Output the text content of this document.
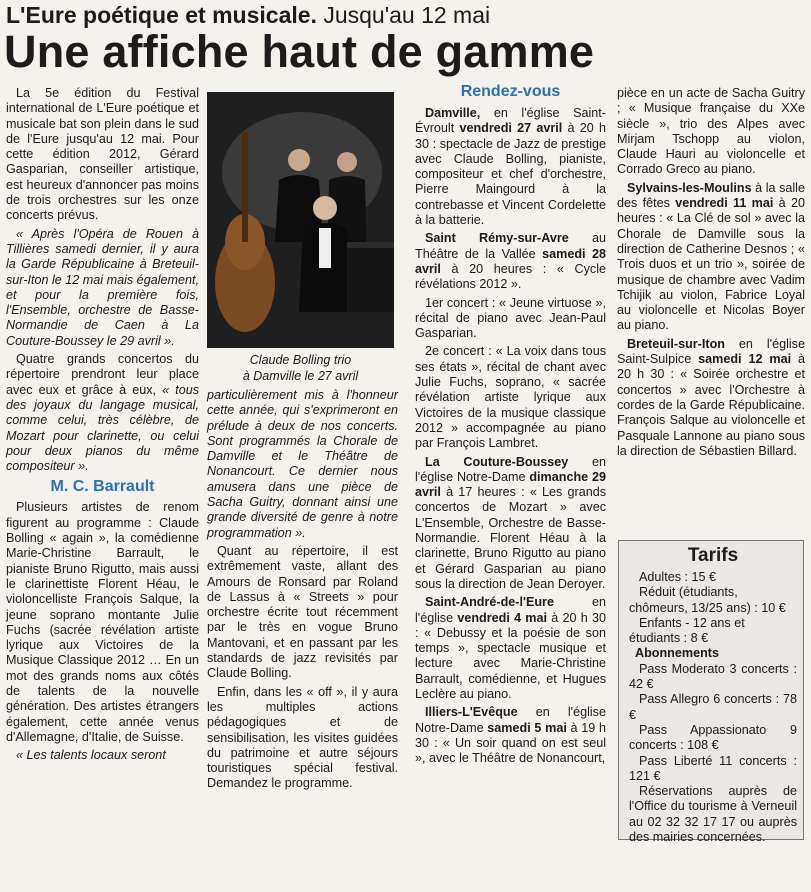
L'Eure poétique et musicale. Jusqu'au 12 mai
Une affiche haut de gamme

La 5e édition du Festival international de L'Eure poétique et musicale bat son plein dans le sud de l'Eure jusqu'au 12 mai. Pour cette édition 2012, Gérard Gasparian, conseiller artistique, est heureux d'annoncer pas moins de trois orchestres sur les onze concerts prévus.

« Après l'Opéra de Rouen à Tillières samedi dernier, il y aura la Garde Républicaine à Breteuil-sur-Iton le 12 mai mais également, et pour la première fois, l'Ensemble, orchestre de Basse-Normandie de Caen à La Couture-Boussey le 29 avril ».

Quatre grands concertos du répertoire prendront leur place avec eux et grâce à eux, « tous des joyaux du langage musical, comme celui, très célèbre, de Mozart pour clarinette, ou celui pour deux pianos du même compositeur ».

M. C. Barrault

Plusieurs artistes de renom figurent au programme : Claude Bolling « again », la comédienne Marie-Christine Barrault, le pianiste Bruno Rigutto, mais aussi le clarinettiste Florent Héau, le violoncelliste François Salque, la jeune soprano montante Julie Fuchs (sacrée révélation artiste lyrique aux Victoires de la Musique Classique 2012 … En un mot des grands noms aux côtés de talents de la nouvelle génération. Des artistes étrangers également, cette année venus d'Allemagne, d'Italie, de Suisse.

« Les talents locaux seront

Claude Bolling trio
à Damville le 27 avril

particulièrement mis à l'honneur cette année, qui s'exprimeront en prélude à deux de nos concerts. Sont programmés la Chorale de Damville et le Théâtre de Nonancourt. Ce dernier nous amusera dans une pièce de Sacha Guitry, donnant ainsi une grande diversité de genre à notre programmation ».

Quant au répertoire, il est extrêmement vaste, allant des Amours de Ronsard par Roland de Lassus à « Streets » pour orchestre écrite tout récemment par le très en vogue Bruno Mantovani, et en passant par les standards de jazz revisités par Claude Bolling.

Enfin, dans les « off », il y aura les multiples actions pédagogiques et de sensibilisation, les visites guidées du patrimoine et autre séjours touristiques spécial festival. Demandez le programme.

Rendez-vous

Damville, en l'église Saint-Évroult vendredi 27 avril à 20 h 30 : spectacle de Jazz de prestige avec Claude Bolling, pianiste, compositeur et chef d'orchestre, Pierre Maingourd à la contrebasse et Vincent Cordelette à la batterie.

Saint Rémy-sur-Avre au Théâtre de la Vallée samedi 28 avril à 20 heures : « Cycle révélations 2012 ».

1er concert : « Jeune virtuose », récital de piano avec Jean-Paul Gasparian.

2e concert : « La voix dans tous ses états », récital de chant avec Julie Fuchs, soprano, « sacrée révélation artiste lyrique aux Victoires de la musique classique 2012 » accompagnée au piano par François Lambret.

La Couture-Boussey en l'église Notre-Dame dimanche 29 avril à 17 heures : « Les grands concertos de Mozart » avec L'Ensemble, Orchestre de Basse-Normandie. Florent Héau à la clarinette, Bruno Rigutto au piano et Gérard Gasparian au piano sous la direction de Jean Deroyer.

Saint-André-de-l'Eure en l'église vendredi 4 mai à 20 h 30 : « Debussy et la poésie de son temps », spectacle musique et lecture avec Marie-Christine Barrault, comédienne, et Hugues Leclère au piano.

Illiers-L'Evêque en l'église Notre-Dame samedi 5 mai à 19 h 30 : « Un soir quand on est seul », avec le Théâtre de Nonancourt,

pièce en un acte de Sacha Guitry ; « Musique française du XXe siècle », trio des Alpes avec Mirjam Tschopp au violon, Claude Hauri au violoncelle et Corrado Greco au piano.

Sylvains-les-Moulins à la salle des fêtes vendredi 11 mai à 20 heures : « La Clé de sol » avec la Chorale de Damville sous la direction de Catherine Desnos ; « Trois duos et un trio », soirée de musique de chambre avec Vadim Tchijik au violon, Fabrice Loyal au violoncelle et Nicolas Boyer au piano.

Breteuil-sur-Iton en l'église Saint-Sulpice samedi 12 mai à 20 h 30 : « Soirée orchestre et concertos » avec l'Orchestre à cordes de la Garde Républicaine. François Salque au violoncelle et Pasquale Lannone au piano sous la direction de Sébastien Billard.

Tarifs

Adultes : 15 €

Réduit (étudiants, chômeurs, 13/25 ans) : 10 €

Enfants - 12 ans et étudiants : 8 €

Abonnements

Pass Moderato 3 concerts : 42 €

Pass Allegro 6 concerts : 78 €

Pass Appassionato 9 concerts : 108 €

Pass Liberté 11 concerts : 121 €

Réservations auprès de l'Office du tourisme à Verneuil au 02 32 32 17 17 ou auprès des mairies concernées.
